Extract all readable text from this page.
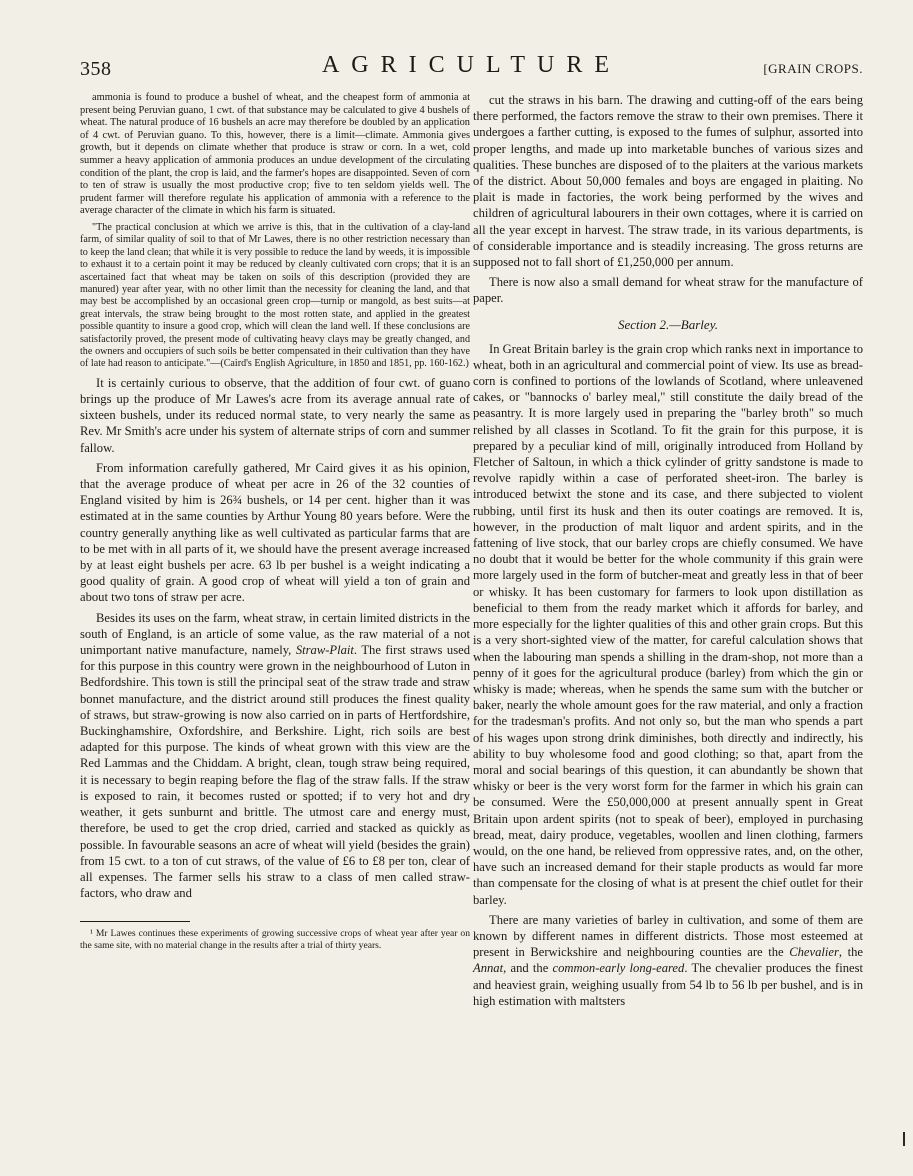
358	AGRICULTURE	[GRAIN CROPS.

ammonia is found to produce a bushel of wheat, and the cheapest form of ammonia at present being Peruvian guano, 1 cwt. of that substance may be calculated to give 4 bushels of wheat. The natural produce of 16 bushels an acre may therefore be doubled by an application of 4 cwt. of Peruvian guano. To this, however, there is a limit—climate. Ammonia gives growth, but it depends on climate whether that produce is straw or corn. In a wet, cold summer a heavy application of ammonia produces an undue development of the circulating condition of the plant, the crop is laid, and the farmer's hopes are disappointed. Seven of corn to ten of straw is usually the most productive crop; five to ten seldom yields well. The prudent farmer will therefore regulate his application of ammonia with a reference to the average character of the climate in which his farm is situated.

"The practical conclusion at which we arrive is this, that in the cultivation of a clay-land farm, of similar quality of soil to that of Mr Lawes, there is no other restriction necessary than to keep the land clean; that while it is very possible to reduce the land by weeds, it is impossible to exhaust it to a certain point it may be reduced by cleanly cultivated corn crops; that it is an ascertained fact that wheat may be taken on soils of this description (provided they are manured) year after year, with no other limit than the necessity for cleaning the land, and that may best be accomplished by an occasional green crop—turnip or mangold, as best suits—at great intervals, the straw being brought to the most rotten state, and applied in the greatest possible quantity to insure a good crop, which will clean the land well. If these conclusions are satisfactorily proved, the present mode of cultivating heavy clays may be greatly changed, and the owners and occupiers of such soils be better compensated in their cultivation than they have of late had reason to anticipate."—(Caird's English Agriculture, in 1850 and 1851, pp. 160-162.)

It is certainly curious to observe, that the addition of four cwt. of guano brings up the produce of Mr Lawes's acre from its average annual rate of sixteen bushels, under its reduced normal state, to very nearly the same as Rev. Mr Smith's acre under his system of alternate strips of corn and summer fallow.

From information carefully gathered, Mr Caird gives it as his opinion, that the average produce of wheat per acre in 26 of the 32 counties of England visited by him is 26¾ bushels, or 14 per cent. higher than it was estimated at in the same counties by Arthur Young 80 years before. Were the country generally anything like as well cultivated as particular farms that are to be met with in all parts of it, we should have the present average increased by at least eight bushels per acre. 63 lb per bushel is a weight indicating a good quality of grain. A good crop of wheat will yield a ton of grain and about two tons of straw per acre.

Besides its uses on the farm, wheat straw, in certain limited districts in the south of England, is an article of some value, as the raw material of a not unimportant native manufacture, namely, Straw-Plait. The first straws used for this purpose in this country were grown in the neighbourhood of Luton in Bedfordshire. This town is still the principal seat of the straw trade and straw bonnet manufacture, and the district around still produces the finest quality of straws, but straw-growing is now also carried on in parts of Hertfordshire, Buckinghamshire, Oxfordshire, and Berkshire. Light, rich soils are best adapted for this purpose. The kinds of wheat grown with this view are the Red Lammas and the Chiddam. A bright, clean, tough straw being required, it is necessary to begin reaping before the flag of the straw falls. If the straw is exposed to rain, it becomes rusted or spotted; if to very hot and dry weather, it gets sunburnt and brittle. The utmost care and energy must, therefore, be used to get the crop dried, carried and stacked as quickly as possible. In favourable seasons an acre of wheat will yield (besides the grain) from 15 cwt. to a ton of cut straws, of the value of £6 to £8 per ton, clear of all expenses. The farmer sells his straw to a class of men called straw-factors, who draw and

¹ Mr Lawes continues these experiments of growing successive crops of wheat year after year on the same site, with no material change in the results after a trial of thirty years.

cut the straws in his barn. The drawing and cutting-off of the ears being there performed, the factors remove the straw to their own premises. There it undergoes a farther cutting, is exposed to the fumes of sulphur, assorted into proper lengths, and made up into marketable bunches of various sizes and qualities. These bunches are disposed of to the plaiters at the various markets of the district. About 50,000 females and boys are engaged in plaiting. No plait is made in factories, the work being performed by the wives and children of agricultural labourers in their own cottages, where it is carried on all the year except in harvest. The straw trade, in its various departments, is of considerable importance and is steadily increasing. The gross returns are supposed not to fall short of £1,250,000 per annum.

There is now also a small demand for wheat straw for the manufacture of paper.

Section 2.—Barley.

In Great Britain barley is the grain crop which ranks next in importance to wheat, both in an agricultural and commercial point of view. Its use as bread-corn is confined to portions of the lowlands of Scotland, where unleavened cakes, or "bannocks o' barley meal," still constitute the daily bread of the peasantry. It is more largely used in preparing the "barley broth" so much relished by all classes in Scotland. To fit the grain for this purpose, it is prepared by a peculiar kind of mill, originally introduced from Holland by Fletcher of Saltoun, in which a thick cylinder of gritty sandstone is made to revolve rapidly within a case of perforated sheet-iron. The barley is introduced betwixt the stone and its case, and there subjected to violent rubbing, until first its husk and then its outer coatings are removed. It is, however, in the production of malt liquor and ardent spirits, and in the fattening of live stock, that our barley crops are chiefly consumed. We have no doubt that it would be better for the whole community if this grain were more largely used in the form of butcher-meat and greatly less in that of beer or whisky. It has been customary for farmers to look upon distillation as beneficial to them from the ready market which it affords for barley, and more especially for the lighter qualities of this and other grain crops. But this is a very short-sighted view of the matter, for careful calculation shows that when the labouring man spends a shilling in the dram-shop, not more than a penny of it goes for the agricultural produce (barley) from which the gin or whisky is made; whereas, when he spends the same sum with the butcher or baker, nearly the whole amount goes for the raw material, and only a fraction for the tradesman's profits. And not only so, but the man who spends a part of his wages upon strong drink diminishes, both directly and indirectly, his ability to buy wholesome food and good clothing; so that, apart from the moral and social bearings of this question, it can abundantly be shown that whisky or beer is the very worst form for the farmer in which his grain can be consumed. Were the £50,000,000 at present annually spent in Great Britain upon ardent spirits (not to speak of beer), employed in purchasing bread, meat, dairy produce, vegetables, woollen and linen clothing, farmers would, on the one hand, be relieved from oppressive rates, and, on the other, have such an increased demand for their staple products as would far more than compensate for the closing of what is at present the chief outlet for their barley.

There are many varieties of barley in cultivation, and some of them are known by different names in different districts. Those most esteemed at present in Berwickshire and neighbouring counties are the Chevalier, the Annat, and the common-early long-eared. The chevalier produces the finest and heaviest grain, weighing usually from 54 lb to 56 lb per bushel, and is in high estimation with maltsters
